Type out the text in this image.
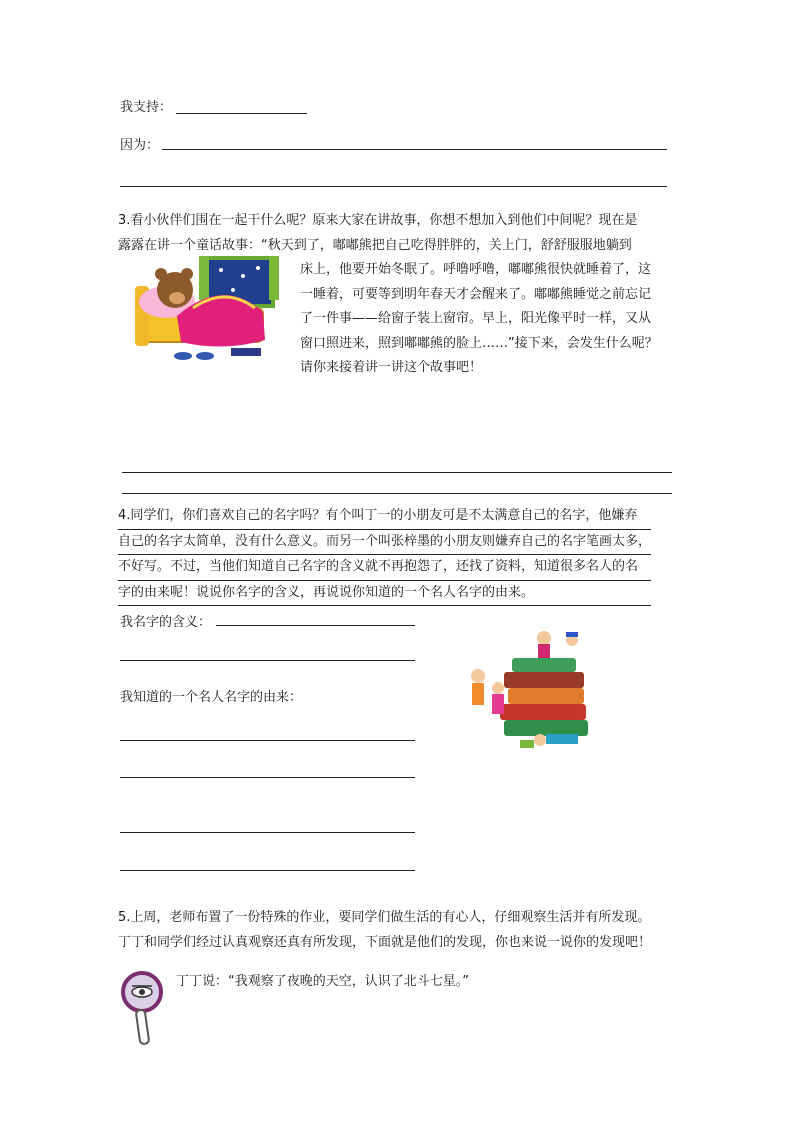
我支持：
因为：
3.看小伙伴们围在一起干什么呢？原来大家在讲故事，你想不想加入到他们中间呢？现在是
露露在讲一个童话故事：“秋天到了，嘟嘟熊把自己吃得胖胖的，关上门，舒舒服服地躺到
床上，他要开始冬眠了。呼噜呼噜，嘟嘟熊很快就睡着了，这
一睡着，可要等到明年春天才会醒来了。嘟嘟熊睡觉之前忘记
了一件事——给窗子装上窗帘。早上，阳光像平时一样，又从
窗口照进来，照到嘟嘟熊的脸上……”接下来，会发生什么呢？
请你来接着讲一讲这个故事吧！
4.同学们，你们喜欢自己的名字吗？有个叫丁一的小朋友可是不太满意自己的名字，他嫌弃
自己的名字太简单，没有什么意义。而另一个叫张梓墨的小朋友则嫌弃自己的名字笔画太多，
不好写。不过，当他们知道自己名字的含义就不再抱怨了，还找了资料，知道很多名人的名
字的由来呢！说说你名字的含义，再说说你知道的一个名人名字的由来。
我名字的含义：
我知道的一个名人名字的由来：
5.上周，老师布置了一份特殊的作业，要同学们做生活的有心人，仔细观察生活并有所发现。
丁丁和同学们经过认真观察还真有所发现，下面就是他们的发现，你也来说一说你的发现吧！
丁丁说：“我观察了夜晚的天空，认识了北斗七星。”
